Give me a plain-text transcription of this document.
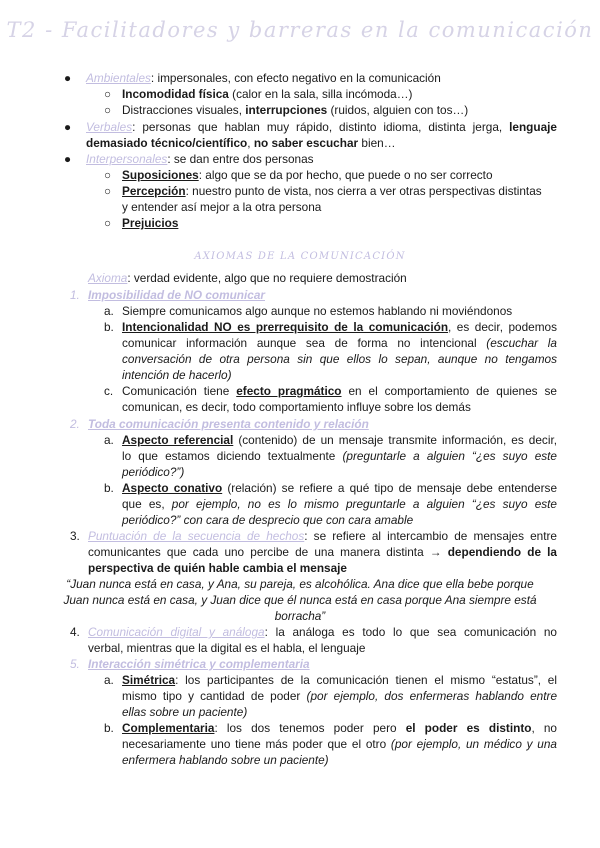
T2 - Facilitadores y barreras en la comunicación
● Ambientales: impersonales, con efecto negativo en la comunicación
○ Incomodidad física (calor en la sala, silla incómoda…)
○ Distracciones visuales, interrupciones (ruidos, alguien con tos…)
● Verbales: personas que hablan muy rápido, distinto idioma, distinta jerga, lenguaje
demasiado técnico/científico, no saber escuchar bien…
● Interpersonales: se dan entre dos personas
○ Suposiciones: algo que se da por hecho, que puede o no ser correcto
○ Percepción: nuestro punto de vista, nos cierra a ver otras perspectivas distintas
y entender así mejor a la otra persona
○ Prejuicios
AXIOMAS DE LA COMUNICACIÓN
Axioma: verdad evidente, algo que no requiere demostración
1. Imposibilidad de NO comunicar
a. Siempre comunicamos algo aunque no estemos hablando ni moviéndonos
b. Intencionalidad NO es prerrequisito de la comunicación, es decir, podemos
comunicar información aunque sea de forma no intencional (escuchar la
conversación de otra persona sin que ellos lo sepan, aunque no tengamos
intención de hacerlo)
c. Comunicación tiene efecto pragmático en el comportamiento de quienes se
comunican, es decir, todo comportamiento influye sobre los demás
2. Toda comunicación presenta contenido y relación
a. Aspecto referencial (contenido) de un mensaje transmite información, es decir,
lo que estamos diciendo textualmente (preguntarle a alguien “¿es suyo este
periódico?”)
b. Aspecto conativo (relación) se refiere a qué tipo de mensaje debe entenderse
que es, por ejemplo, no es lo mismo preguntarle a alguien “¿es suyo este
periódico?” con cara de desprecio que con cara amable
3. Puntuación de la secuencia de hechos: se refiere al intercambio de mensajes entre
comunicantes que cada uno percibe de una manera distinta → dependiendo de la
perspectiva de quién hable cambia el mensaje
“Juan nunca está en casa, y Ana, su pareja, es alcohólica. Ana dice que ella bebe porque
Juan nunca está en casa, y Juan dice que él nunca está en casa porque Ana siempre está
borracha”
4. Comunicación digital y análoga: la análoga es todo lo que sea comunicación no
verbal, mientras que la digital es el habla, el lenguaje
5. Interacción simétrica y complementaria
a. Simétrica: los participantes de la comunicación tienen el mismo “estatus”, el
mismo tipo y cantidad de poder (por ejemplo, dos enfermeras hablando entre
ellas sobre un paciente)
b. Complementaria: los dos tenemos poder pero el poder es distinto, no
necesariamente uno tiene más poder que el otro (por ejemplo, un médico y una
enfermera hablando sobre un paciente)
